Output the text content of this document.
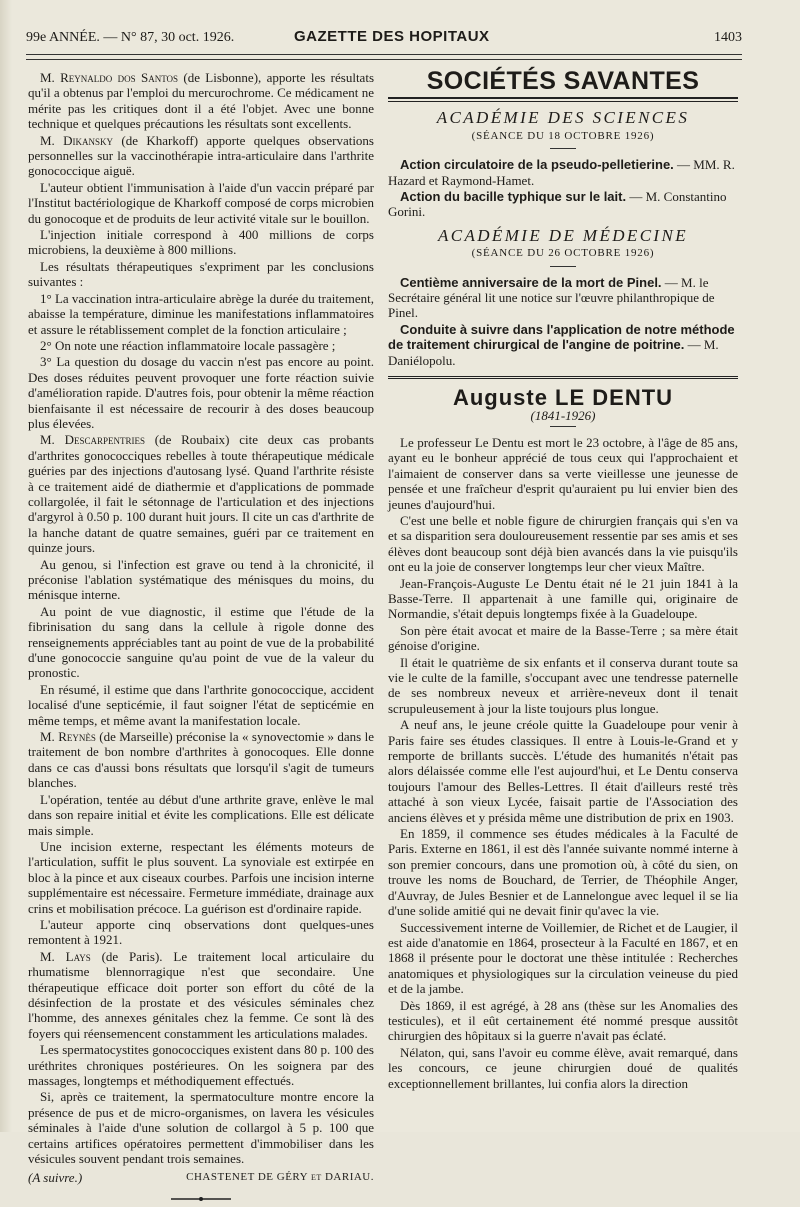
99e ANNÉE. — N° 87, 30 oct. 1926.	GAZETTE DES HOPITAUX	1403

M. Reynaldo dos Santos (de Lisbonne), apporte les résultats qu'il a obtenus par l'emploi du mercurochrome. Ce médicament ne mérite pas les critiques dont il a été l'objet. Avec une bonne technique et quelques précautions les résultats sont excellents.

M. Dikansky (de Kharkoff) apporte quelques observations personnelles sur la vaccinothérapie intra-articulaire dans l'arthrite gonococcique aiguë.

L'auteur obtient l'immunisation à l'aide d'un vaccin préparé par l'Institut bactériologique de Kharkoff composé de corps microbien du gonocoque et de produits de leur activité vitale sur le bouillon.

L'injection initiale correspond à 400 millions de corps microbiens, la deuxième à 800 millions.

Les résultats thérapeutiques s'expriment par les conclusions suivantes :

1° La vaccination intra-articulaire abrège la durée du traitement, abaisse la température, diminue les manifestations inflammatoires et assure le rétablissement complet de la fonction articulaire ;

2° On note une réaction inflammatoire locale passagère ;

3° La question du dosage du vaccin n'est pas encore au point. Des doses réduites peuvent provoquer une forte réaction suivie d'amélioration rapide. D'autres fois, pour obtenir la même réaction bienfaisante il est nécessaire de recourir à des doses beaucoup plus élevées.

M. Descarpentries (de Roubaix) cite deux cas probants d'arthrites gonococciques rebelles à toute thérapeutique médicale guéries par des injections d'autosang lysé. Quand l'arthrite résiste à ce traitement aidé de diathermie et d'applications de pommade collargolée, il fait le sétonnage de l'articulation et des injections d'argyrol à 0.50 p. 100 durant huit jours. Il cite un cas d'arthrite de la hanche datant de quatre semaines, guéri par ce traitement en quinze jours.

Au genou, si l'infection est grave ou tend à la chronicité, il préconise l'ablation systématique des ménisques du moins, du ménisque interne.

Au point de vue diagnostic, il estime que l'étude de la fibrinisation du sang dans la cellule à rigole donne des renseignements appréciables tant au point de vue de la probabilité d'une gonococcie sanguine qu'au point de vue de la valeur du pronostic.

En résumé, il estime que dans l'arthrite gonococcique, accident localisé d'une septicémie, il faut soigner l'état de septicémie en même temps, et même avant la manifestation locale.

M. Reynès (de Marseille) préconise la « synovectomie » dans le traitement de bon nombre d'arthrites à gonocoques. Elle donne dans ce cas d'aussi bons résultats que lorsqu'il s'agit de tumeurs blanches.

L'opération, tentée au début d'une arthrite grave, enlève le mal dans son repaire initial et évite les complications. Elle est délicate mais simple.

Une incision externe, respectant les éléments moteurs de l'articulation, suffit le plus souvent. La synoviale est extirpée en bloc à la pince et aux ciseaux courbes. Parfois une incision interne supplémentaire est nécessaire. Fermeture immédiate, drainage aux crins et mobilisation précoce. La guérison est d'ordinaire rapide.

L'auteur apporte cinq observations dont quelques-unes remontent à 1921.

M. Lays (de Paris). Le traitement local articulaire du rhumatisme blennorragique n'est que secondaire. Une thérapeutique efficace doit porter son effort du côté de la désinfection de la prostate et des vésicules séminales chez l'homme, des annexes génitales chez la femme. Ce sont là des foyers qui réensemencent constamment les articulations malades.

Les spermatocystites gonococciques existent dans 80 p. 100 des uréthrites chroniques postérieures. On les soignera par des massages, longtemps et méthodiquement effectués.

Si, après ce traitement, la spermatoculture montre encore la présence de pus et de micro-organismes, on lavera les vésicules séminales à l'aide d'une solution de collargol à 5 p. 100 que certains artifices opératoires permettent d'immobiliser dans les vésicules souvent pendant trois semaines.

(A suivre.)	CHASTENET DE GÉRY et DARIAU.
SOCIÉTÉS SAVANTES
ACADÉMIE DES SCIENCES
(SÉANCE DU 18 OCTOBRE 1926)

Action circulatoire de la pseudo-pelletierine. — MM. R. Hazard et Raymond-Hamet.

Action du bacille typhique sur le lait. — M. Constantino Gorini.

ACADÉMIE DE MÉDECINE
(SÉANCE DU 26 OCTOBRE 1926)

Centième anniversaire de la mort de Pinel. — M. le Secrétaire général lit une notice sur l'œuvre philanthropique de Pinel.

Conduite à suivre dans l'application de notre méthode de traitement chirurgical de l'angine de poitrine. — M. Daniélopolu.

Auguste LE DENTU
(1841-1926)

Le professeur Le Dentu est mort le 23 octobre, à l'âge de 85 ans, ayant eu le bonheur apprécié de tous ceux qui l'approchaient et l'aimaient de conserver dans sa verte vieillesse une jeunesse de pensée et une fraîcheur d'esprit qu'auraient pu lui envier bien des jeunes d'aujourd'hui.

C'est une belle et noble figure de chirurgien français qui s'en va et sa disparition sera douloureusement ressentie par ses amis et ses élèves dont beaucoup sont déjà bien avancés dans la vie puisqu'ils ont eu la joie de conserver longtemps leur cher vieux Maître.

Jean-François-Auguste Le Dentu était né le 21 juin 1841 à la Basse-Terre. Il appartenait à une famille qui, originaire de Normandie, s'était depuis longtemps fixée à la Guadeloupe.

Son père était avocat et maire de la Basse-Terre ; sa mère était génoise d'origine.

Il était le quatrième de six enfants et il conserva durant toute sa vie le culte de la famille, s'occupant avec une tendresse paternelle de ses nombreux neveux et arrière-neveux dont il tenait scrupuleusement à jour la liste toujours plus longue.

A neuf ans, le jeune créole quitte la Guadeloupe pour venir à Paris faire ses études classiques. Il entre à Louis-le-Grand et y remporte de brillants succès. L'étude des humanités n'était pas alors délaissée comme elle l'est aujourd'hui, et Le Dentu conserva toujours l'amour des Belles-Lettres. Il était d'ailleurs resté très attaché à son vieux Lycée, faisait partie de l'Association des anciens élèves et y présida même une distribution de prix en 1903.

En 1859, il commence ses études médicales à la Faculté de Paris. Externe en 1861, il est dès l'année suivante nommé interne à son premier concours, dans une promotion où, à côté du sien, on trouve les noms de Bouchard, de Terrier, de Théophile Anger, d'Auvray, de Jules Besnier et de Lannelongue avec lequel il se lia d'une solide amitié qui ne devait finir qu'avec la vie.

Successivement interne de Voillemier, de Richet et de Laugier, il est aide d'anatomie en 1864, prosecteur à la Faculté en 1867, et en 1868 il présente pour le doctorat une thèse intitulée : Recherches anatomiques et physiologiques sur la circulation veineuse du pied et de la jambe.

Dès 1869, il est agrégé, à 28 ans (thèse sur les Anomalies des testicules), et il eût certainement été nommé presque aussitôt chirurgien des hôpitaux si la guerre n'avait pas éclaté.

Nélaton, qui, sans l'avoir eu comme élève, avait remarqué, dans les concours, ce jeune chirurgien doué de qualités exceptionnellement brillantes, lui confia alors la direction
